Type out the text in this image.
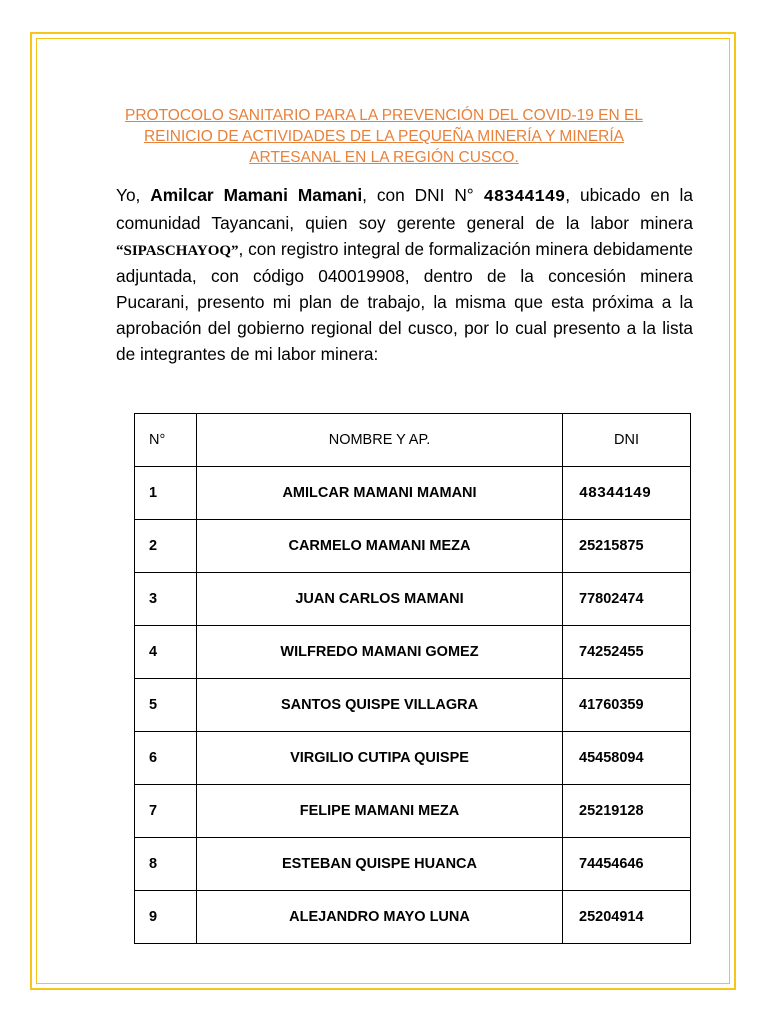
PROTOCOLO SANITARIO PARA LA PREVENCIÓN DEL COVID-19 EN EL
REINICIO DE ACTIVIDADES DE LA PEQUEÑA MINERÍA Y MINERÍA
ARTESANAL EN LA REGIÓN CUSCO.
Yo, Amilcar Mamani Mamani, con DNI N° 48344149, ubicado en la comunidad Tayancani, quien soy gerente general de la labor minera “SIPASCHAYOQ”, con registro integral de formalización minera debidamente adjuntada, con código 040019908, dentro de la concesión minera Pucarani, presento mi plan de trabajo, la misma que esta próxima a la aprobación del gobierno regional del cusco, por lo cual presento a la lista de integrantes de mi labor minera:
N°	NOMBRE Y AP.	DNI
1	AMILCAR MAMANI MAMANI	48344149
2	CARMELO MAMANI MEZA	25215875
3	JUAN CARLOS MAMANI	77802474
4	WILFREDO MAMANI GOMEZ	74252455
5	SANTOS QUISPE VILLAGRA	41760359
6	VIRGILIO CUTIPA QUISPE	45458094
7	FELIPE MAMANI MEZA	25219128
8	ESTEBAN QUISPE HUANCA	74454646
9	ALEJANDRO MAYO LUNA	25204914
